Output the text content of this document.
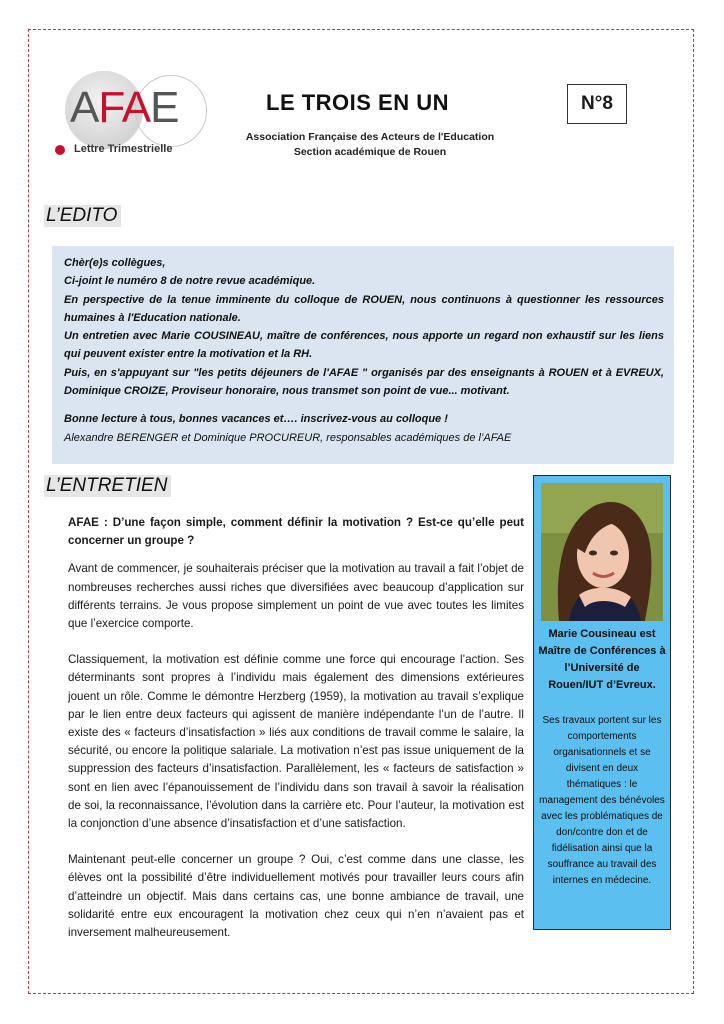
AFAE
Lettre Trimestrielle
LE TROIS EN UN
Association Française des Acteurs de l'Education
Section académique de Rouen
N°8
L’EDITO

Chèr(e)s collègues,

Ci-joint le numéro 8 de notre revue académique.

En perspective de la tenue imminente du colloque de ROUEN, nous continuons à questionner les ressources humaines à l'Education nationale.

Un entretien avec Marie COUSINEAU, maître de conférences, nous apporte un regard non exhaustif sur les liens qui peuvent exister entre la motivation et la RH.

Puis, en s'appuyant sur "les petits déjeuners de l'AFAE " organisés par des enseignants à ROUEN et à EVREUX, Dominique CROIZE, Proviseur honoraire, nous transmet son point de vue... motivant.

Bonne lecture à tous, bonnes vacances et…. inscrivez-vous au colloque !

Alexandre BERENGER et Dominique PROCUREUR, responsables académiques de l’AFAE

L’ENTRETIEN

AFAE : D’une façon simple, comment définir la motivation ? Est-ce qu’elle peut concerner un groupe ?

Avant de commencer, je souhaiterais préciser que la motivation au travail a fait l’objet de nombreuses recherches aussi riches que diversifiées avec beaucoup d’application sur différents terrains. Je vous propose simplement un point de vue avec toutes les limites que l’exercice comporte.

Classiquement, la motivation est définie comme une force qui encourage l’action. Ses déterminants sont propres à l’individu mais également des dimensions extérieures jouent un rôle. Comme le démontre Herzberg (1959), la motivation au travail s’explique par le lien entre deux facteurs qui agissent de manière indépendante l’un de l’autre. Il existe des « facteurs d’insatisfaction » liés aux conditions de travail comme le salaire, la sécurité, ou encore la politique salariale. La motivation n’est pas issue uniquement de la suppression des facteurs d’insatisfaction. Parallèlement, les « facteurs de satisfaction » sont en lien avec l’épanouissement de l’individu dans son travail à savoir la réalisation de soi, la reconnaissance, l’évolution dans la carrière etc. Pour l’auteur, la motivation est la conjonction d’une absence d’insatisfaction et d’une satisfaction.

Maintenant peut-elle concerner un groupe ? Oui, c’est comme dans une classe, les élèves ont la possibilité d’être individuellement motivés pour travailler leurs cours afin d’atteindre un objectif. Mais dans certains cas, une bonne ambiance de travail, une solidarité entre eux encouragent la motivation chez ceux qui n’en n’avaient pas et inversement malheureusement.

Marie Cousineau est Maître de Conférences à l’Université de Rouen/IUT d’Evreux.
Ses travaux portent sur les comportements organisationnels et se divisent en deux thématiques : le management des bénévoles avec les problématiques de don/contre don et de fidélisation ainsi que la souffrance au travail des internes en médecine.
